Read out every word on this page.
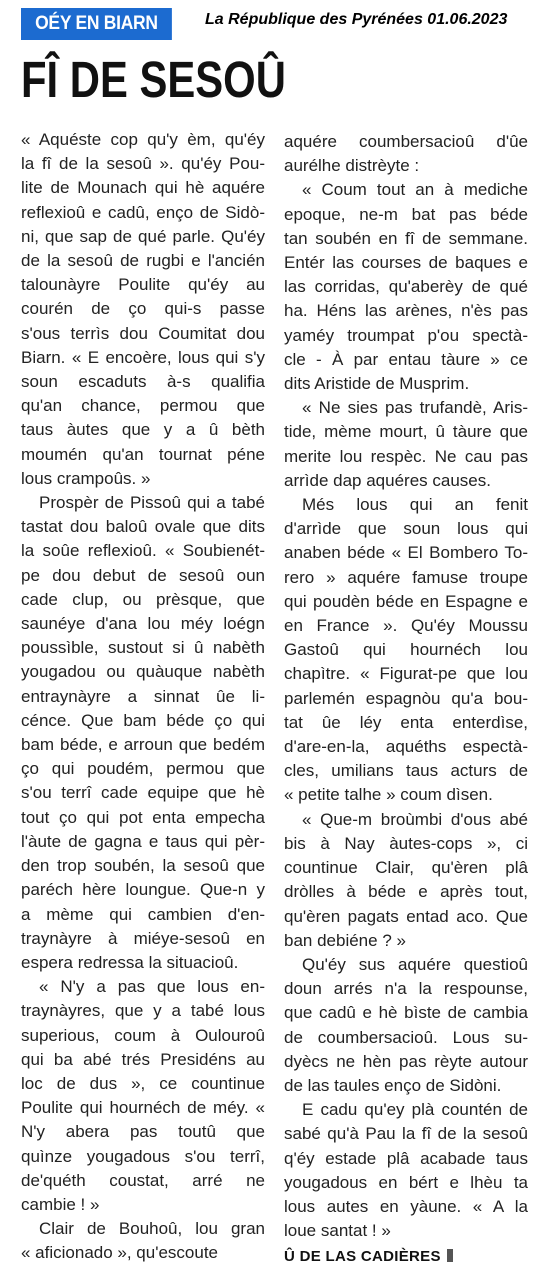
OÉY EN BIARN	La République des Pyrénées 01.06.2023
FÎ DE SESOÛ
« Aquéste cop qu'y èm, qu'éy
la fî de la sesoû ». qu'éy Pou-
lite de Mounach qui hè aquére
reflexioû e cadû, enço de Sidò-
ni, que sap de qué parle. Qu'éy
de la sesoû de rugbi e l'ancién
talounàyre Poulite qu'éy au
courén de ço qui-s passe
s'ous terrìs dou Coumitat dou
Biarn. « E encoère, lous qui s'y
soun escaduts à-s qualifia
qu'an chance, permou que
taus àutes que y a û bèth
moumén qu'an tournat péne
lous crampoûs. »
Prospèr de Pissoû qui a tabé
tastat dou baloû ovale que dits
la soûe reflexioû. « Soubienét-
pe dou debut de sesoû oun
cade clup, ou prèsque, que
saunéye d'ana lou méy loégn
poussìble, sustout si û nabèth
yougadou ou quàuque nabèth
entraynàyre a sinnat ûe li-
cénce. Que bam béde ço qui
bam béde, e arroun que bedém
ço qui poudém, permou que
s'ou terrî cade equipe que hè
tout ço qui pot enta empecha
l'àute de gagna e taus qui pèr-
den trop soubén, la sesoû que
paréch hère loungue. Que-n y
a mème qui cambien d'en-
traynàyre à miéye-sesoû en
espera redressa la situacioû.
« N'y a pas que lous en-
traynàyres, que y a tabé lous
superious, coum à Oulouroû
qui ba abé trés Presidéns au
loc de dus », ce countinue
Poulite qui hournéch de méy. «
N'y abera pas toutû que
quìnze yougadous s'ou terrî,
de'quéth coustat, arré ne
cambie ! »
Clair de Bouhoû, lou gran
« aficionado », qu'escoute
aquére coumbersacioû d'ûe
aurélhe distrèyte :
« Coum tout an à mediche
epoque, ne-m bat pas béde
tan soubén en fî de semmane.
Entér las courses de baques e
las corridas, qu'aberèy de qué
ha. Héns las arènes, n'ès pas
yaméy troumpat p'ou spectà-
cle - À par entau tàure » ce
dits Aristide de Musprim.
« Ne sies pas trufandè, Aris-
tide, mème mourt, û tàure que
merite lou respèc. Ne cau pas
arrìde dap aquéres causes.
Més lous qui an fenit
d'arrìde que soun lous qui
anaben béde « El Bombero To-
rero » aquére famuse troupe
qui poudèn béde en Espagne e
en France ». Qu'éy Moussu
Gastoû qui hournéch lou
chapìtre. « Figurat-pe que lou
parlemén espagnòu qu'a bou-
tat ûe léy enta enterdìse,
d'are-en-la, aquéths espectà-
cles, umilians taus acturs de
« petite talhe » coum dìsen.
« Que-m broùmbi d'ous abé
bis à Nay àutes-cops », ci
countinue Clair, qu'èren plâ
dròlles à béde e après tout,
qu'èren pagats entad aco. Que
ban debiéne ? »
Qu'éy sus aquére questioû
doun arrés n'a la respounse,
que cadû e hè bìste de cambia
de coumbersacioû. Lous su-
dyècs ne hèn pas rèyte autour
de las taules enço de Sidòni.
E cadu qu'ey plà countén de
sabé qu'à Pau la fî de la sesoû
q'éy estade plâ acabade taus
yougadous en bért e lhèu ta
lous autes en yàune. « A la
loue santat ! »
Û DE LAS CADIÈRES
